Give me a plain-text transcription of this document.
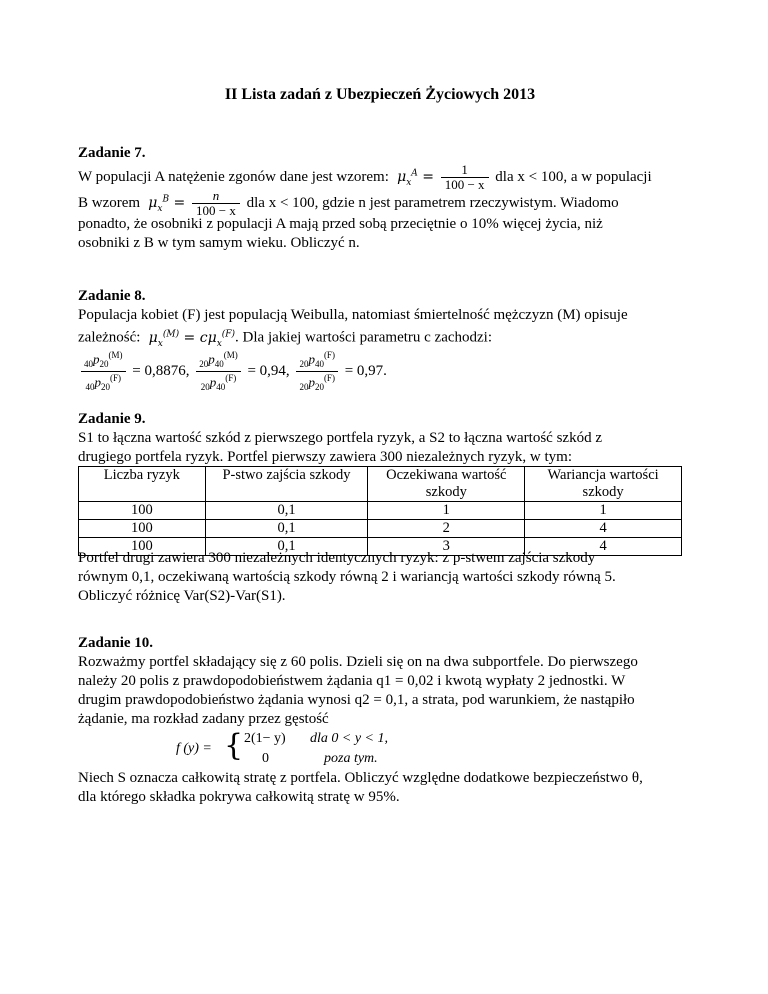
II Lista zadań z Ubezpieczeń Życiowych 2013
Zadanie 7.
W populacji A natężenie zgonów dane jest wzorem:  $\mu_x^A = \frac{1}{100 - x}$ dla x < 100, a w populacji
B wzorem  $\mu_x^B = \frac{n}{100 - x}$ dla x < 100, gdzie n jest parametrem rzeczywistym. Wiadomo
ponadto, że osobniki z populacji A mają przed sobą przeciętnie o 10% więcej życia, niż
osobniki z B w tym samym wieku. Obliczyć n.
Zadanie 8.
Populacja kobiet (F) jest populacją Weibulla, natomiast śmiertelność mężczyzn (M) opisuje
zależność:  $\mu_x^{(M)} = c\mu_x^{(F)}$. Dla jakiej wartości parametru c zachodzi:
$\frac{_{40}p_{20}^{(M)}}{_{40}p_{20}^{(F)}} = 0,8876$, $\frac{_{20}p_{40}^{(M)}}{_{20}p_{40}^{(F)}} = 0,94$, $\frac{_{20}p_{40}^{(F)}}{_{20}p_{20}^{(F)}} = 0,97$.
Zadanie 9.
S1 to łączna wartość szkód z pierwszego portfela ryzyk, a S2 to łączna wartość szkód z
drugiego portfela ryzyk. Portfel pierwszy zawiera 300 niezależnych ryzyk, w tym:
Liczba ryzyk	P-stwo zajścia szkody	Oczekiwana wartość szkody	Wariancja wartości szkody
100	0,1	1	1
100	0,1	2	4
100	0,1	3	4
Portfel drugi zawiera 300 niezależnych identycznych ryzyk: z p-stwem zajścia szkody
równym 0,1, oczekiwaną wartością szkody równą 2 i wariancją wartości szkody równą 5.
Obliczyć różnicę Var(S2)-Var(S1).
Zadanie 10.
Rozważmy portfel składający się z 60 polis. Dzieli się on na dwa subportfele. Do pierwszego
należy 20 polis z prawdopodobieństwem żądania q1 = 0,02 i kwotą wypłaty 2 jednostki. W
drugim prawdopodobieństwo żądania wynosi q2 = 0,1, a strata, pod warunkiem, że nastąpiło
żądanie, ma rozkład zadany przez gęstość
f (y) = { 2(1− y) dla 0 < y < 1,
0	poza tym.
Niech S oznacza całkowitą stratę z portfela. Obliczyć względne dodatkowe bezpieczeństwo θ,
dla którego składka pokrywa całkowitą stratę w 95%.
